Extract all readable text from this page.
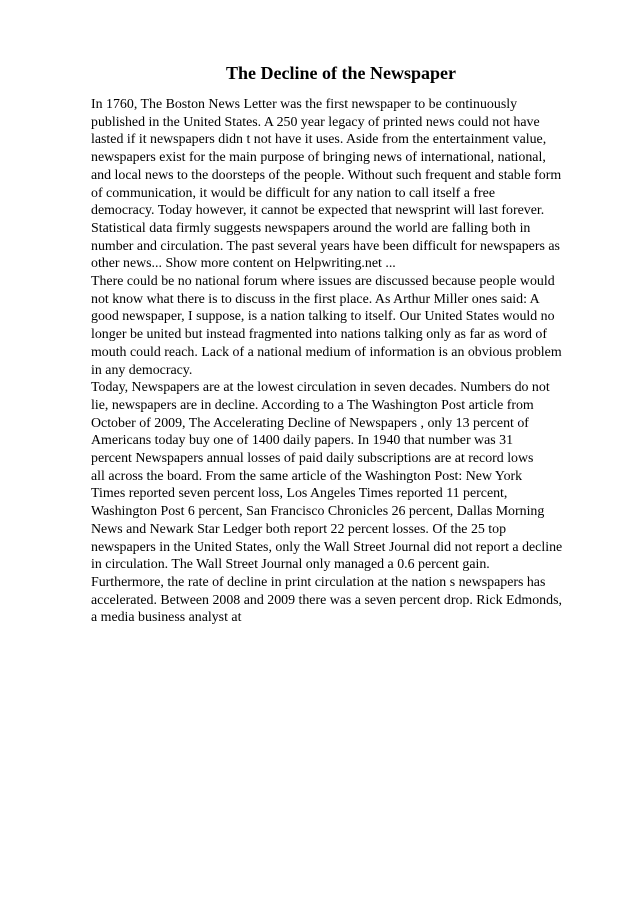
The Decline of the Newspaper
In 1760, The Boston News Letter was the first newspaper to be continuously
published in the United States. A 250 year legacy of printed news could not have
lasted if it newspapers didn t not have it uses. Aside from the entertainment value,
newspapers exist for the main purpose of bringing news of international, national,
and local news to the doorsteps of the people. Without such frequent and stable form
of communication, it would be difficult for any nation to call itself a free
democracy. Today however, it cannot be expected that newsprint will last forever.
Statistical data firmly suggests newspapers around the world are falling both in
number and circulation. The past several years have been difficult for newspapers as
other news... Show more content on Helpwriting.net ...
There could be no national forum where issues are discussed because people would
not know what there is to discuss in the first place. As Arthur Miller ones said: A
good newspaper, I suppose, is a nation talking to itself. Our United States would no
longer be united but instead fragmented into nations talking only as far as word of
mouth could reach. Lack of a national medium of information is an obvious problem
in any democracy.
Today, Newspapers are at the lowest circulation in seven decades. Numbers do not
lie, newspapers are in decline. According to a The Washington Post article from
October of 2009, The Accelerating Decline of Newspapers , only 13 percent of
Americans today buy one of 1400 daily papers. In 1940 that number was 31
percent Newspapers annual losses of paid daily subscriptions are at record lows
all across the board. From the same article of the Washington Post: New York
Times reported seven percent loss, Los Angeles Times reported 11 percent,
Washington Post 6 percent, San Francisco Chronicles 26 percent, Dallas Morning
News and Newark Star Ledger both report 22 percent losses. Of the 25 top
newspapers in the United States, only the Wall Street Journal did not report a decline
in circulation. The Wall Street Journal only managed a 0.6 percent gain.
Furthermore, the rate of decline in print circulation at the nation s newspapers has
accelerated. Between 2008 and 2009 there was a seven percent drop. Rick Edmonds,
a media business analyst at
